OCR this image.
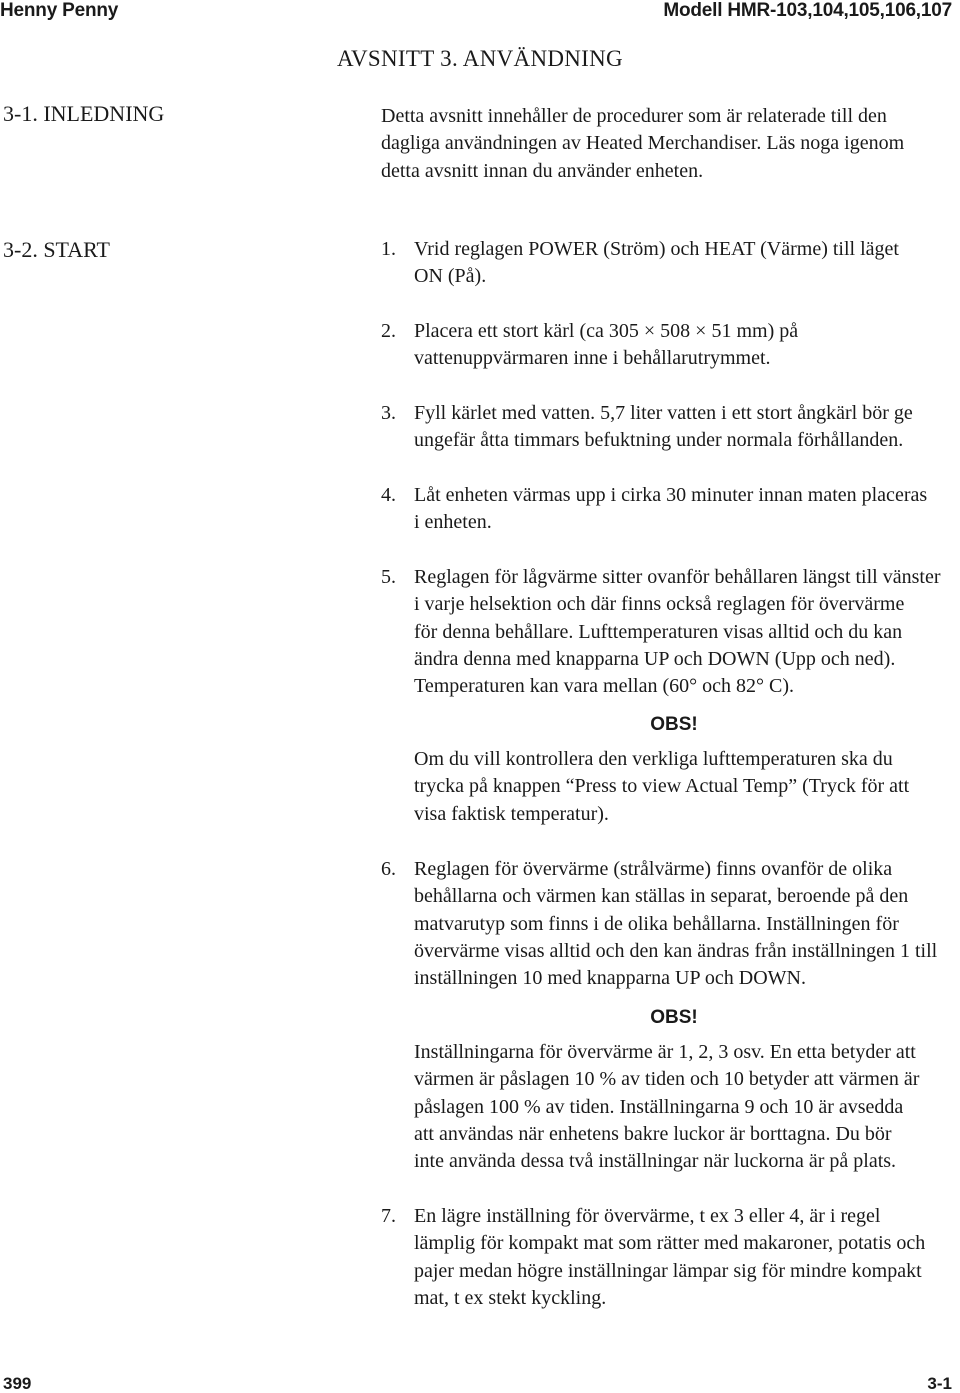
Henny Penny	Modell HMR-103,104,105,106,107
AVSNITT 3. ANVÄNDNING
3-1. INLEDNING	Detta avsnitt innehåller de procedurer som är relaterade till den
dagliga användningen av Heated Merchandiser. Läs noga igenom
detta avsnitt innan du använder enheten.

3-2. START	1. Vrid reglagen POWER (Ström) och HEAT (Värme) till läget
ON (På).
2. Placera ett stort kärl (ca 305 × 508 × 51 mm) på
vattenuppvärmaren inne i behållarutrymmet.
3. Fyll kärlet med vatten. 5,7 liter vatten i ett stort ångkärl bör ge
ungefär åtta timmars befuktning under normala förhållanden.
4. Låt enheten värmas upp i cirka 30 minuter innan maten placeras
i enheten.
5. Reglagen för lågvärme sitter ovanför behållaren längst till vänster
i varje helsektion och där finns också reglagen för övervärme
för denna behållare. Lufttemperaturen visas alltid och du kan
ändra denna med knapparna UP och DOWN (Upp och ned).
Temperaturen kan vara mellan (60° och 82° C).
OBS!
Om du vill kontrollera den verkliga lufttemperaturen ska du
trycka på knappen “Press to view Actual Temp” (Tryck för att
visa faktisk temperatur).
6. Reglagen för övervärme (strålvärme) finns ovanför de olika
behållarna och värmen kan ställas in separat, beroende på den
matvarutyp som finns i de olika behållarna. Inställningen för
övervärme visas alltid och den kan ändras från inställningen 1 till
inställningen 10 med knapparna UP och DOWN.
OBS!
Inställningarna för övervärme är 1, 2, 3 osv. En etta betyder att
värmen är påslagen 10 % av tiden och 10 betyder att värmen är
påslagen 100 % av tiden. Inställningarna 9 och 10 är avsedda
att användas när enhetens bakre luckor är borttagna. Du bör
inte använda dessa två inställningar när luckorna är på plats.
7. En lägre inställning för övervärme, t ex 3 eller 4, är i regel
lämplig för kompakt mat som rätter med makaroner, potatis och
pajer medan högre inställningar lämpar sig för mindre kompakt
mat, t ex stekt kyckling.
399	3-1
